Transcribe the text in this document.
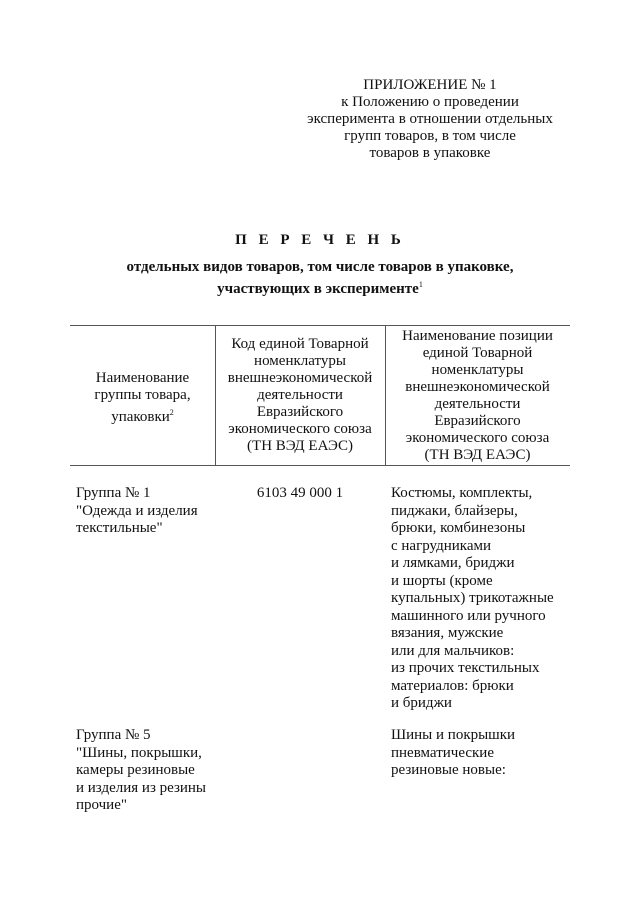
ПРИЛОЖЕНИЕ № 1
к Положению о проведении
эксперимента в отношении отдельных
групп товаров, в том числе
товаров в упаковке
П Е Р Е Ч Е Н Ь
отдельных видов товаров, том числе товаров в упаковке,
участвующих в эксперименте$^1$
Наименование
группы товара,
упаковки$^2$
Код единой Товарной
номенклатуры
внешнеэкономической
деятельности
Евразийского
экономического союза
(ТН ВЭД ЕАЭС)
Наименование позиции
единой Товарной
номенклатуры
внешнеэкономической
деятельности
Евразийского
экономического союза
(ТН ВЭД ЕАЭС)
Группа № 1
"Одежда и изделия
текстильные"
6103 49 000 1	Костюмы, комплекты,
пиджаки, блайзеры,
брюки, комбинезоны
с нагрудниками
и лямками, бриджи
и шорты (кроме
купальных) трикотажные
машинного или ручного
вязания, мужские
или для мальчиков:
из прочих текстильных
материалов: брюки
и бриджи
Группа № 5
"Шины, покрышки,
камеры резиновые
и изделия из резины
прочие"
Шины и покрышки
пневматические
резиновые новые:
